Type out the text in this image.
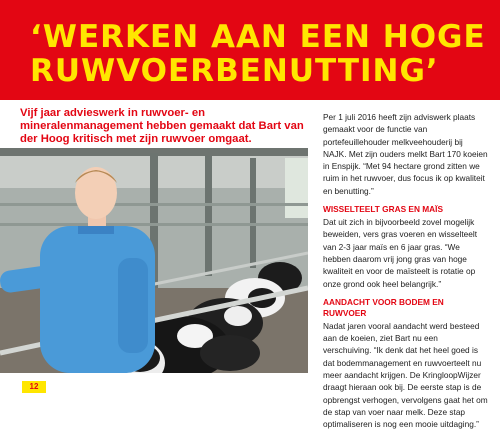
‘WERKEN AAN EEN HOGE
RUWVOERBENUTTING’

Vijf jaar advieswerk in ruwvoer- en mineralenmanagement hebben gemaakt dat Bart van der Hoog kritisch met zijn ruwvoer omgaat.

12

Per 1 juli 2016 heeft zijn adviswerk plaats gemaakt voor de functie van portefeuillehouder melkveehouderij bij NAJK. Met zijn ouders melkt Bart 170 koeien in Enspijk. “Met 94 hectare grond zitten we ruim in het ruwvoer, dus focus ik op kwaliteit en benutting.”

WISSELTEELT GRAS EN MAÏS

Dat uit zich in bijvoorbeeld zovel mogelijk beweiden, vers gras voeren en wisselteelt van 2-3 jaar maïs en 6 jaar gras. “We hebben daarom vrij jong gras van hoge kwaliteit en voor de maïsteelt is rotatie op onze grond ook heel belangrijk.”

AANDACHT VOOR BODEM EN RUWVOER

Nadat jaren vooral aandacht werd besteed aan de koeien, ziet Bart nu een verschuiving. “Ik denk dat het heel goed is dat bodemmanagement en ruwvoerteelt nu meer aandacht krijgen. De KringloopWijzer draagt hieraan ook bij. De eerste stap is de opbrengst verhogen, vervolgens gaat het om de stap van voer naar melk. Deze stap optimaliseren is nog een mooie uitdaging.”
